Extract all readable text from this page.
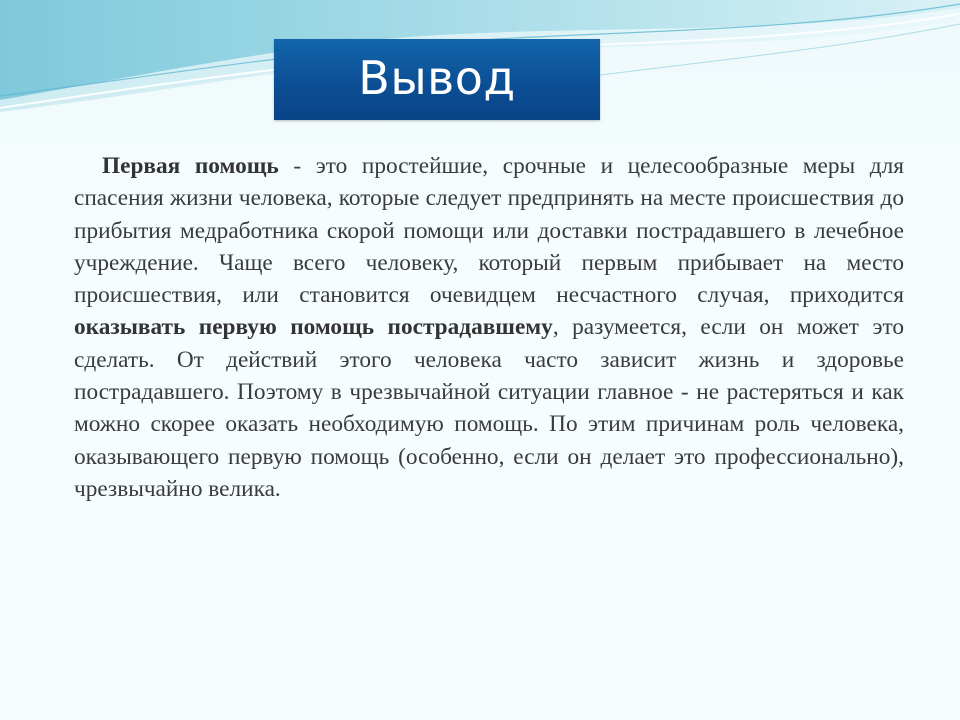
Вывод

Первая помощь - это простейшие, срочные и целесообразные меры для спасения жизни человека, которые следует предпринять на месте происшествия до прибытия медработника скорой помощи или доставки пострадавшего в лечебное учреждение. Чаще всего человеку, который первым прибывает на место происшествия, или становится очевидцем несчастного случая, приходится оказывать первую помощь пострадавшему, разумеется, если он может это сделать. От действий этого человека часто зависит жизнь и здоровье пострадавшего. Поэтому в чрезвычайной ситуации главное - не растеряться и как можно скорее оказать необходимую помощь. По этим причинам роль человека, оказывающего первую помощь (особенно, если он делает это профессионально), чрезвычайно велика.
